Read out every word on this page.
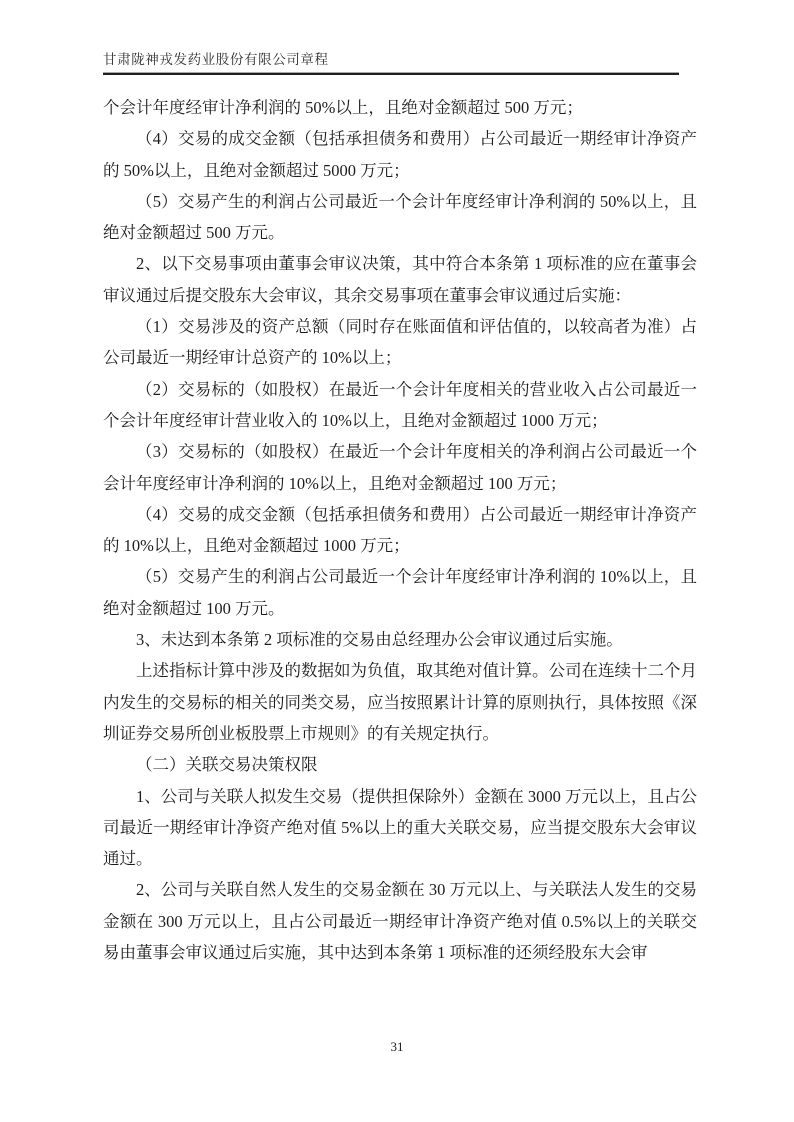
甘肃陇神戎发药业股份有限公司章程

个会计年度经审计净利润的 50%以上，且绝对金额超过 500 万元；

（4）交易的成交金额（包括承担债务和费用）占公司最近一期经审计净资产的 50%以上，且绝对金额超过 5000 万元；

（5）交易产生的利润占公司最近一个会计年度经审计净利润的 50%以上，且绝对金额超过 500 万元。

2、以下交易事项由董事会审议决策，其中符合本条第 1 项标准的应在董事会审议通过后提交股东大会审议，其余交易事项在董事会审议通过后实施：

（1）交易涉及的资产总额（同时存在账面值和评估值的，以较高者为准）占公司最近一期经审计总资产的 10%以上；

（2）交易标的（如股权）在最近一个会计年度相关的营业收入占公司最近一个会计年度经审计营业收入的 10%以上，且绝对金额超过 1000 万元；

（3）交易标的（如股权）在最近一个会计年度相关的净利润占公司最近一个会计年度经审计净利润的 10%以上，且绝对金额超过 100 万元；

（4）交易的成交金额（包括承担债务和费用）占公司最近一期经审计净资产的 10%以上，且绝对金额超过 1000 万元；

（5）交易产生的利润占公司最近一个会计年度经审计净利润的 10%以上，且绝对金额超过 100 万元。

3、未达到本条第 2 项标准的交易由总经理办公会审议通过后实施。

上述指标计算中涉及的数据如为负值，取其绝对值计算。公司在连续十二个月内发生的交易标的相关的同类交易，应当按照累计计算的原则执行，具体按照《深圳证券交易所创业板股票上市规则》的有关规定执行。

（二）关联交易决策权限

1、公司与关联人拟发生交易（提供担保除外）金额在 3000 万元以上，且占公司最近一期经审计净资产绝对值 5%以上的重大关联交易，应当提交股东大会审议通过。

2、公司与关联自然人发生的交易金额在 30 万元以上、与关联法人发生的交易金额在 300 万元以上，且占公司最近一期经审计净资产绝对值 0.5%以上的关联交易由董事会审议通过后实施，其中达到本条第 1 项标准的还须经股东大会审

31
